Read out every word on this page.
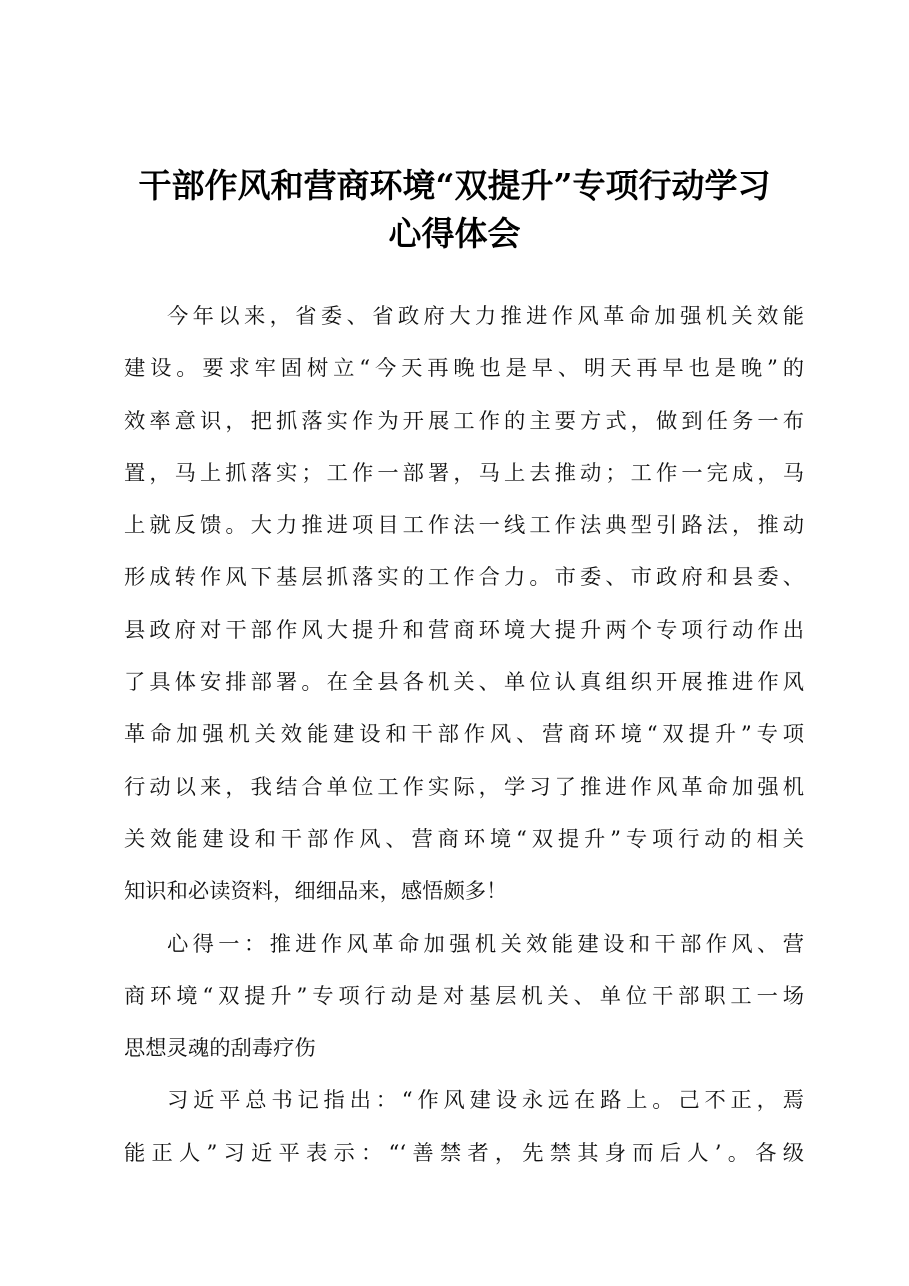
干部作风和营商环境“双提升”专项行动学习
心得体会
今年以来，省委、省政府大力推进作风革命加强机关效能
建设。要求牢固树立“今天再晚也是早、明天再早也是晚”的
效率意识，把抓落实作为开展工作的主要方式，做到任务一布
置，马上抓落实；工作一部署，马上去推动；工作一完成，马
上就反馈。大力推进项目工作法一线工作法典型引路法，推动
形成转作风下基层抓落实的工作合力。市委、市政府和县委、
县政府对干部作风大提升和营商环境大提升两个专项行动作出
了具体安排部署。在全县各机关、单位认真组织开展推进作风
革命加强机关效能建设和干部作风、营商环境“双提升”专项
行动以来，我结合单位工作实际，学习了推进作风革命加强机
关效能建设和干部作风、营商环境“双提升”专项行动的相关
知识和必读资料，细细品来，感悟颇多！
心得一：推进作风革命加强机关效能建设和干部作风、营
商环境“双提升”专项行动是对基层机关、单位干部职工一场
思想灵魂的刮毒疗伤
习近平总书记指出：“作风建设永远在路上。己不正，焉
能正人”习近平表示：“‘善禁者，先禁其身而后人’。各级
